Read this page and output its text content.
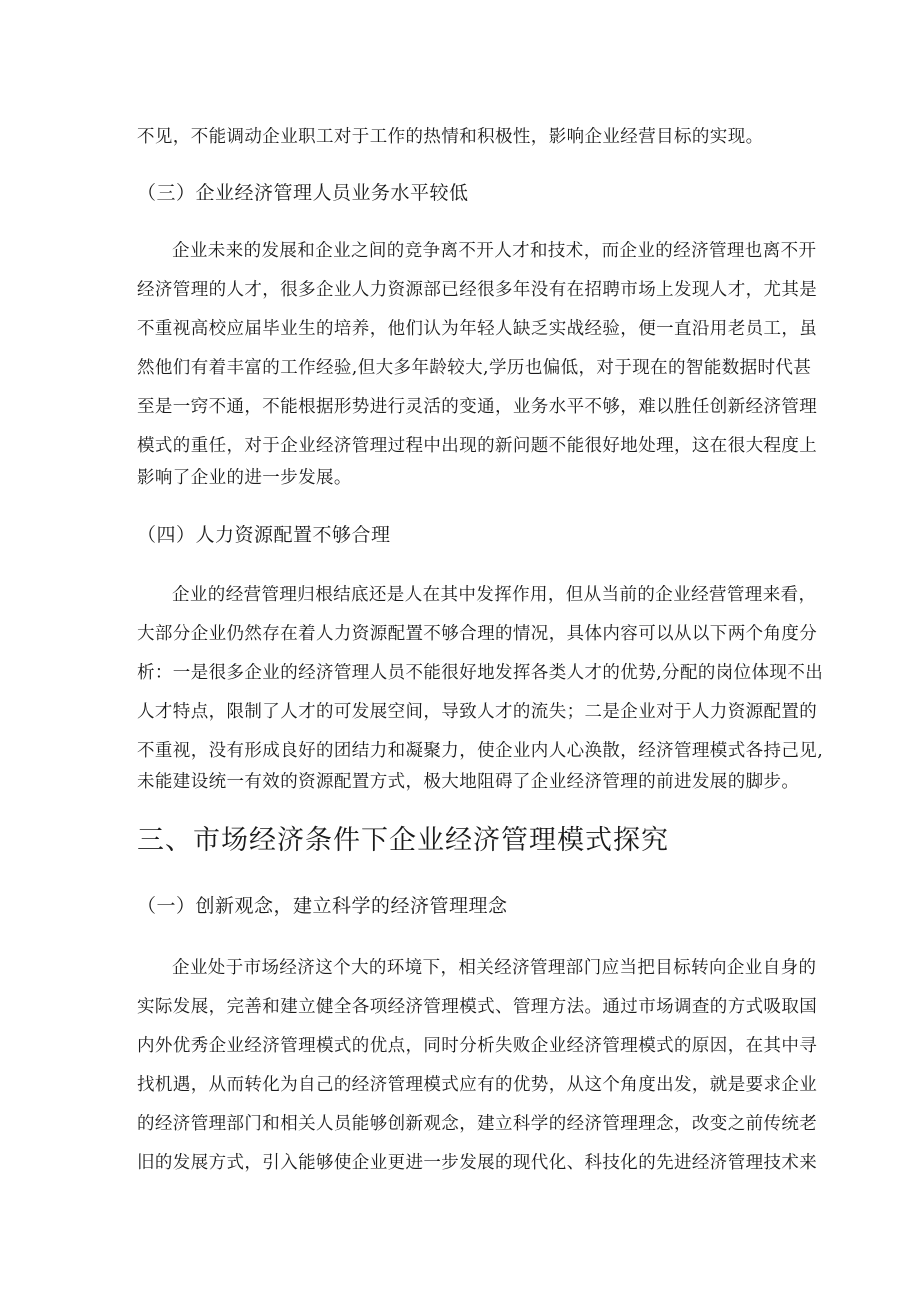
不见，不能调动企业职工对于工作的热情和积极性，影响企业经营目标的实现。
（三）企业经济管理人员业务水平较低
企业未来的发展和企业之间的竞争离不开人才和技术，而企业的经济管理也离不开
经济管理的人才，很多企业人力资源部已经很多年没有在招聘市场上发现人才，尤其是
不重视高校应届毕业生的培养，他们认为年轻人缺乏实战经验，便一直沿用老员工，虽
然他们有着丰富的工作经验,但大多年龄较大,学历也偏低，对于现在的智能数据时代甚
至是一窍不通，不能根据形势进行灵活的变通，业务水平不够，难以胜任创新经济管理
模式的重任，对于企业经济管理过程中出现的新问题不能很好地处理，这在很大程度上
影响了企业的进一步发展。
（四）人力资源配置不够合理
企业的经营管理归根结底还是人在其中发挥作用，但从当前的企业经营管理来看，
大部分企业仍然存在着人力资源配置不够合理的情况，具体内容可以从以下两个角度分
析：一是很多企业的经济管理人员不能很好地发挥各类人才的优势,分配的岗位体现不出
人才特点，限制了人才的可发展空间，导致人才的流失；二是企业对于人力资源配置的
不重视，没有形成良好的团结力和凝聚力，使企业内人心涣散，经济管理模式各持己见,
未能建设统一有效的资源配置方式，极大地阻碍了企业经济管理的前进发展的脚步。
三、市场经济条件下企业经济管理模式探究
（一）创新观念，建立科学的经济管理理念
企业处于市场经济这个大的环境下，相关经济管理部门应当把目标转向企业自身的
实际发展，完善和建立健全各项经济管理模式、管理方法。通过市场调查的方式吸取国
内外优秀企业经济管理模式的优点，同时分析失败企业经济管理模式的原因，在其中寻
找机遇，从而转化为自己的经济管理模式应有的优势，从这个角度出发，就是要求企业
的经济管理部门和相关人员能够创新观念，建立科学的经济管理理念，改变之前传统老
旧的发展方式，引入能够使企业更进一步发展的现代化、科技化的先进经济管理技术来
